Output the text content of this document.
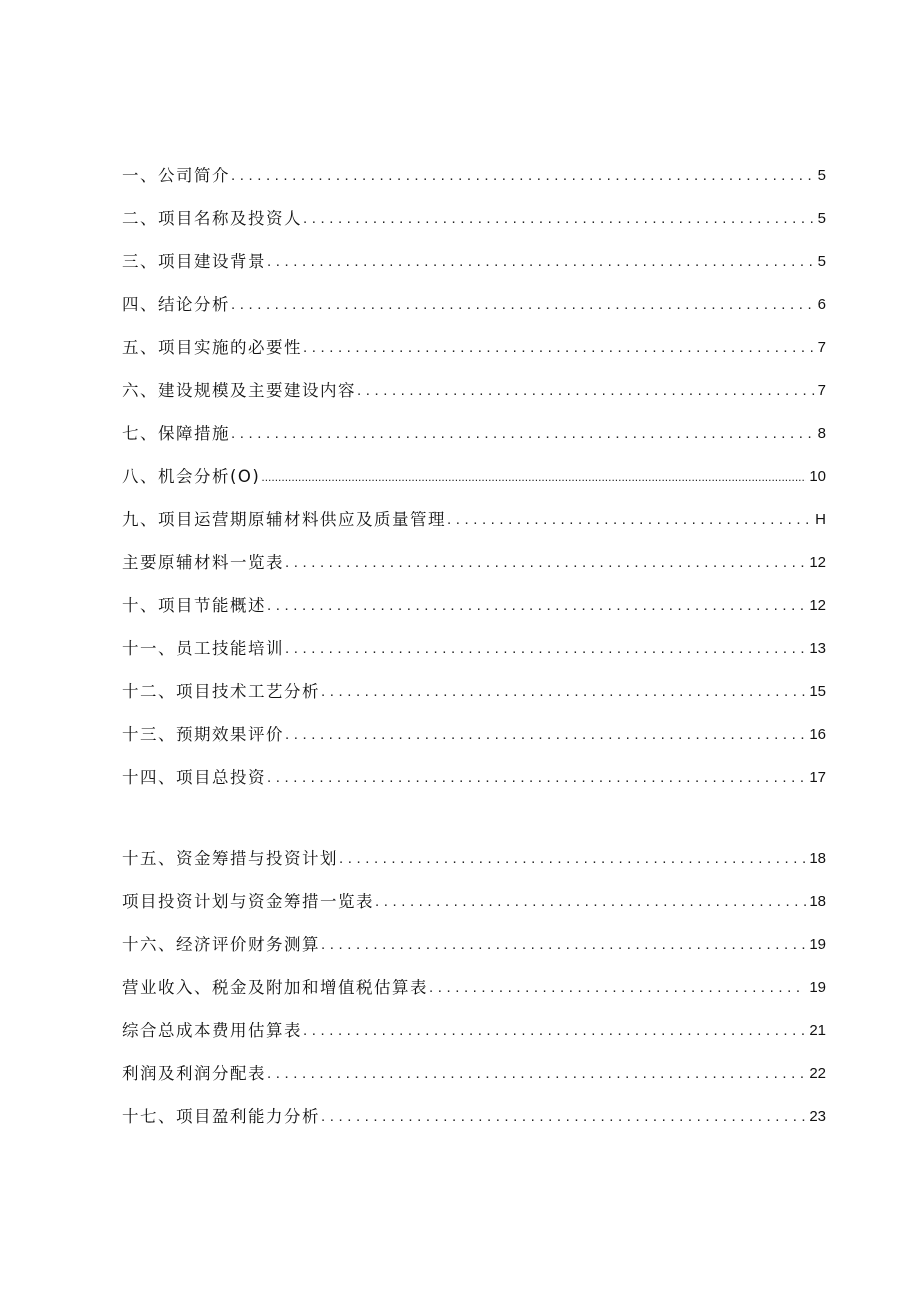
一、公司简介 . . .	5
二、项目名称及投资人 . . .	5
三、项目建设背景 . . .	5
四、结论分析 . . .	6
五、项目实施的必要性 . . .	7
六、建设规模及主要建设内容 . . .	7
七、保障措施 . . .	8
八、机会分析(O) .....	10
九、项目运营期原辅材料供应及质量管理 . . .	H
主要原辅材料一览表 . . .	12
十、项目节能概述 . . .	12
十一、员工技能培训 . . .	13
十二、项目技术工艺分析 . . .	15
十三、预期效果评价 . . .	16
十四、项目总投资 . . .	17
十五、资金筹措与投资计划 . . .	18
项目投资计划与资金筹措一览表 . . .	18
十六、经济评价财务测算 . . .	19
营业收入、税金及附加和增值税估算表 . . .	19
综合总成本费用估算表 . . .	21
利润及利润分配表 . . .	22
十七、项目盈利能力分析 . . .	23
